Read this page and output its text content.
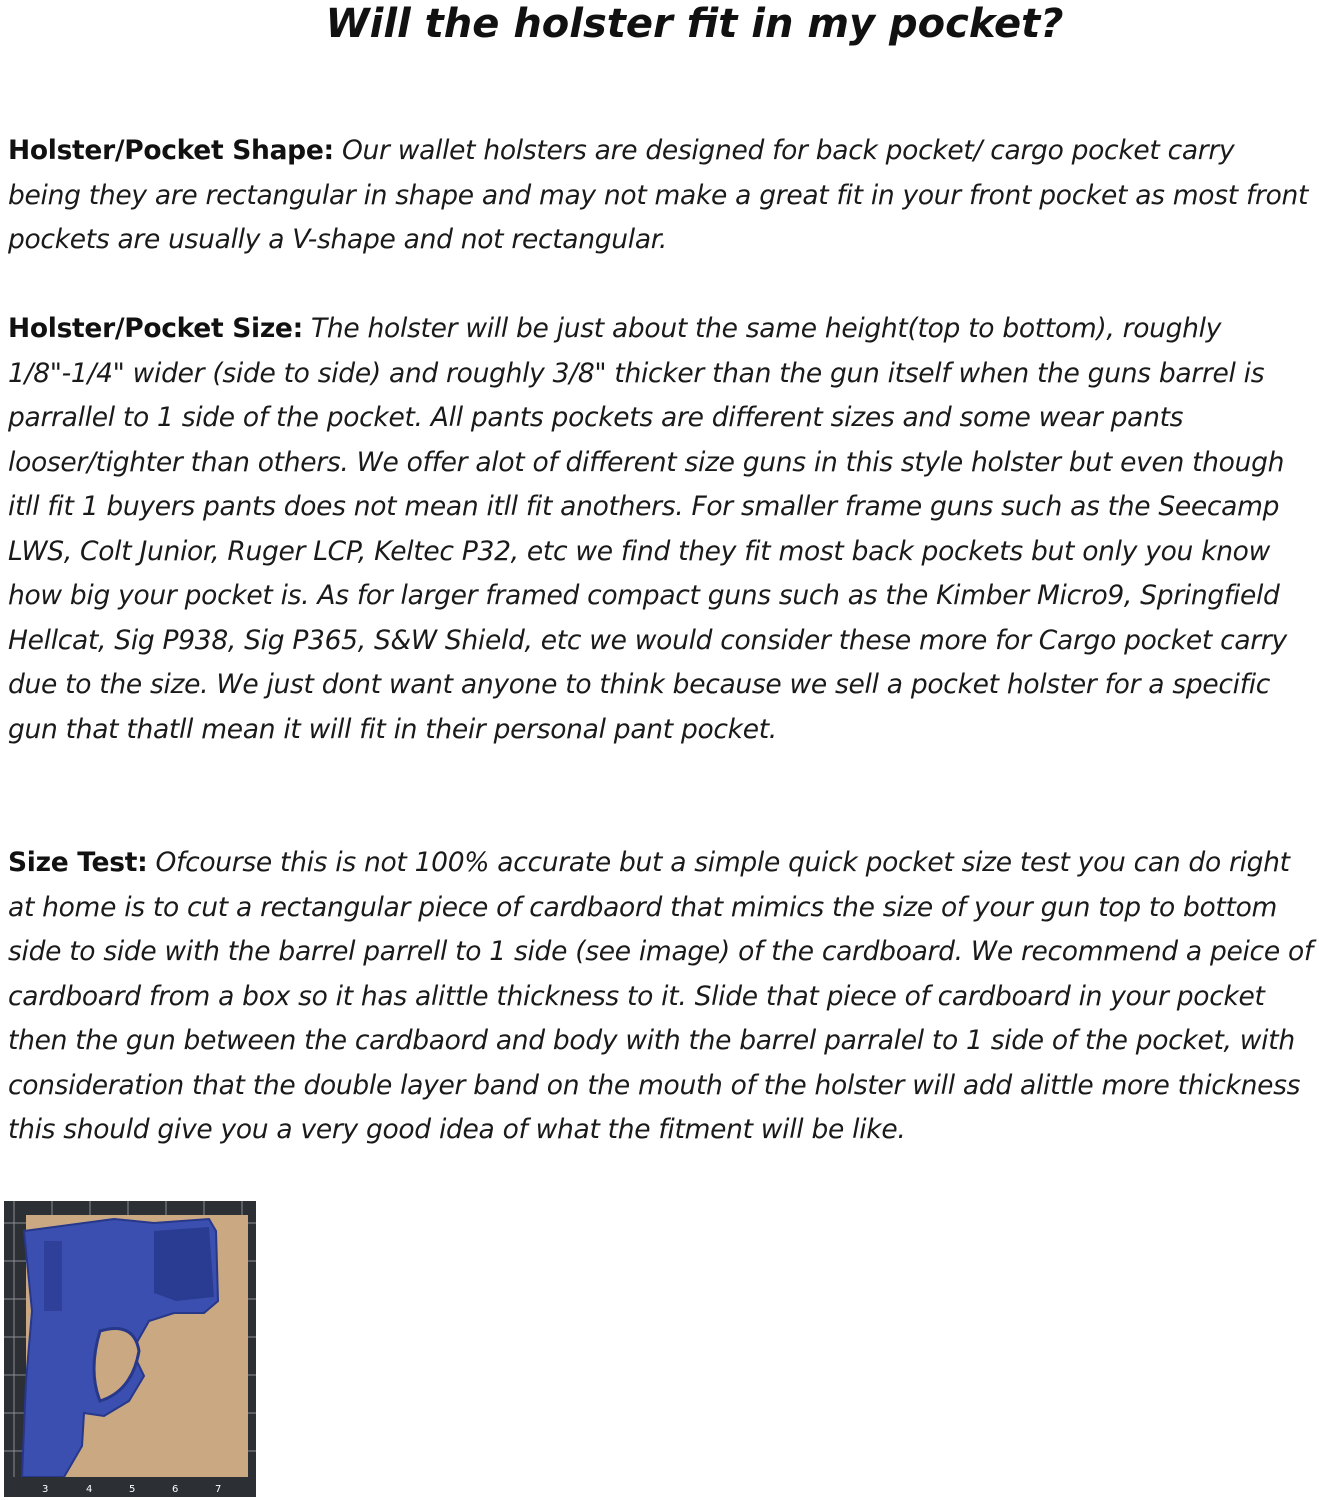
Will the holster fit in my pocket?

Holster/Pocket Shape: Our wallet holsters are designed for back pocket/ cargo pocket carry being they are rectangular in shape and may not make a great fit in your front pocket as most front pockets are usually a V-shape and not rectangular.

Holster/Pocket Size: The holster will be just about the same height(top to bottom), roughly 1/8"-1/4" wider (side to side) and roughly 3/8" thicker than the gun itself when the guns barrel is parrallel to 1 side of the pocket. All pants pockets are different sizes and some wear pants looser/tighter than others. We offer alot of different size guns in this style holster but even though itll fit 1 buyers pants does not mean itll fit anothers. For smaller frame guns such as the Seecamp LWS, Colt Junior, Ruger LCP, Keltec P32, etc we find they fit most back pockets but only you know how big your pocket is. As for larger framed compact guns such as the Kimber Micro9, Springfield Hellcat, Sig P938, Sig P365, S&W Shield, etc we would consider these more for Cargo pocket carry due to the size. We just dont want anyone to think because we sell a pocket holster for a specific gun that thatll mean it will fit in their personal pant pocket.

Size Test: Ofcourse this is not 100% accurate but a simple quick pocket size test you can do right at home is to cut a rectangular piece of cardbaord that mimics the size of your gun top to bottom side to side with the barrel parrell to 1 side (see image) of the cardboard. We recommend a peice of cardboard from a box so it has alittle thickness to it. Slide that piece of cardboard in your pocket then the gun between the cardbaord and body with the barrel parralel to 1 side of the pocket, with consideration that the double layer band on the mouth of the holster will add alittle more thickness this should give you a very good idea of what the fitment will be like.

3	4	5	6	7
